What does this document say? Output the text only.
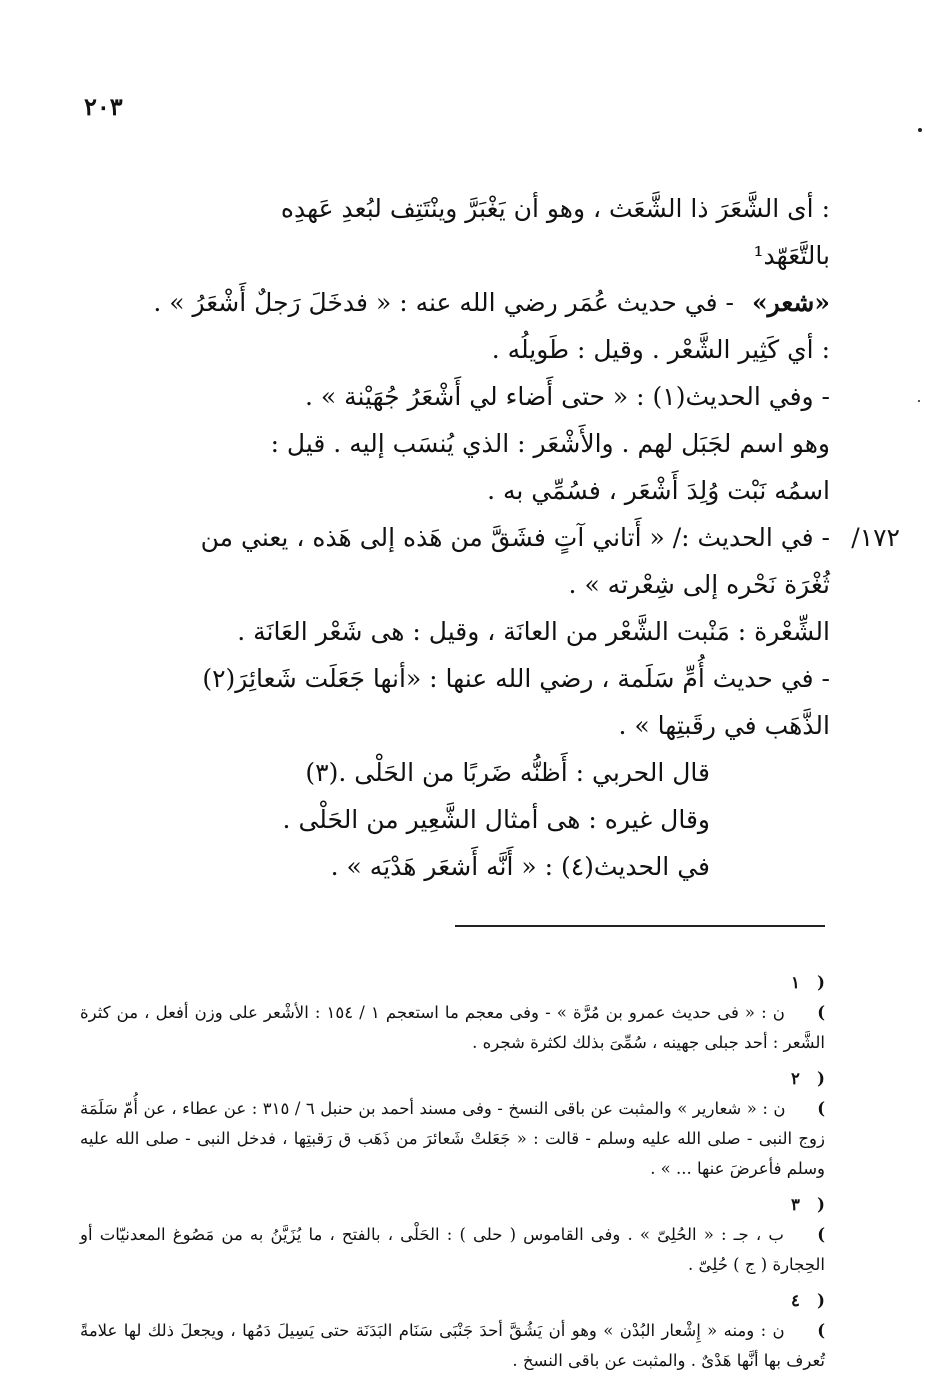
٢٠٣
: أى الشَّعَرَ ذا الشَّعَث ، وهو أن يَغْبَرَّ وينْتَتِف لبُعدِ عَهدِه
بالتَّعَهّد¹
«شعر» - في حديث عُمَر رضي الله عنه : « فدخَلَ رَجلٌ أَشْعَرُ » .
: أي كَثِير الشَّعْر . وقيل : طَويلُه .
- وفي الحديث(١) : « حتى أَضاء لي أَشْعَرُ جُهَيْنة » .
وهو اسم لجَبَل لهم . والأَشْعَر : الذي يُنسَب إليه . قيل :
اسمُه نَبْت وُلِدَ أَشْعَر ، فسُمِّي به .
١٧٢/
- في الحديث :/ « أَتاني آتٍ فشَقَّ من هَذه إلى هَذه ، يعني من
ثُغْرَة نَحْره إلى شِعْرته » .
الشِّعْرة : مَنْبت الشَّعْر من العانَة ، وقيل : هى شَعْر العَانَة .
- في حديث أُمِّ سَلَمة ، رضي الله عنها : «أنها جَعَلَت شَعائِرَ(٢)
الذَّهَب في رقَبتِها » .
قال الحربي : أَظنُّه ضَربًا من الحَلْى .(٣)
وقال غيره : هى أمثال الشَّعِير من الحَلْى .
في الحديث(٤) : « أَنَّه أَشعَر هَدْيَه » .
( ١ ) ن : « فى حديث عمرو بن مُرَّة » - وفى معجم ما استعجم ١ / ١٥٤ : الأشْعر على وزن أفعل ، من كثرة الشَّعر : أحد جبلى جهينه ، سُمِّىَ بذلك لكثرة شجره .
( ٢ ) ن : « شعارير » والمثبت عن باقى النسخ - وفى مسند أحمد بن حنبل ٦ / ٣١٥ : عن عطاء ، عن أُمّ سَلَمَة زوج النبى - صلى الله عليه وسلم - قالت : « جَعَلتْ شَعائرَ من ذَهَب ق رَقبتِها ، فدخل النبى - صلى الله عليه وسلم فأعرضَ عنها ... » .
( ٣ ) ب ، جـ : « الحُلِىّ » . وفى القاموس ( حلى ) : الحَلْى ، بالفتح ، ما يُزَيَّنُ به من مَصُوغ المعدنيّات أو الحِجارة ( ج ) حُلِىّ .
( ٤ ) ن : ومنه « إِشْعار البُدْن » وهو أن يَشُقَّ أحدَ جَنْبَى سَنَام البَدَنَة حتى يَسِيلَ دَمُها ، ويجعلَ ذلك لها علامةً تُعرف بها أنَّها هَدْىٌ . والمثبت عن باقى النسخ .
